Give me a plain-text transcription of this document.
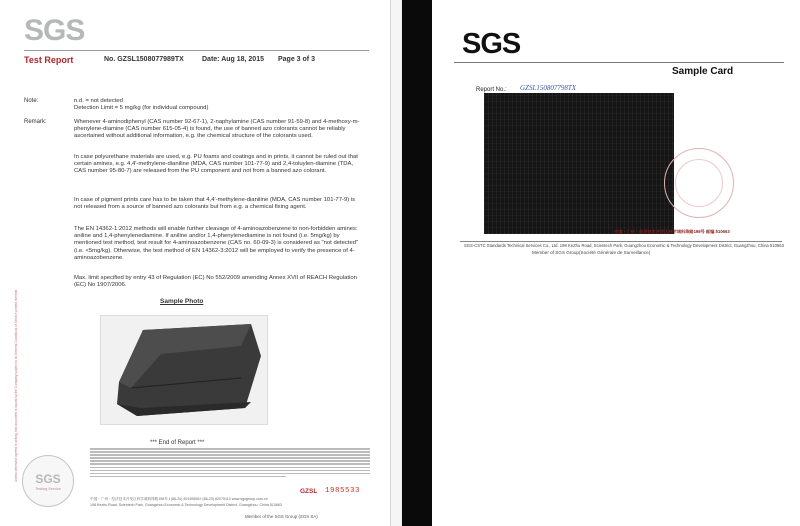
SGS
Test Report	No. GZSL1508077989TX	Date: Aug 18, 2015 Page 3 of 3
Unless otherwise agreed in writing, this document is issued by the Company subject to its General Conditions of Service printed overleaf
Note:	n.d. = not detected

Detection Limit = 5 mg/kg (for individual compound)

Remark:	Whenever 4-aminodiphenyl (CAS number 92-67-1), 2-naphylamine (CAS number 91-59-8) and 4-methoxy-m-phenylene-diamine (CAS number 615-05-4) is found, the use of banned azo colorants cannot be reliably ascertained without additional information, e.g. the chemical structure of the colorants used.
In case polyurethane materials are used, e.g. PU foams and coatings and in prints, it cannot be ruled out that certain amines, e.g. 4,4'-methylene-dianiline (MDA, CAS number 101-77-9) and 2,4-toluylen-diamine (TDA, CAS number 95-80-7) are released from the PU component and not from a banned azo colorant.
In case of pigment prints care has to be taken that 4,4'-methylene-dianiline (MDA, CAS number 101-77-9) is not released from a source of banned azo colorants but from e.g. a chemical fixing agent.
The EN 14362-1:2012 methods will enable further cleavage of 4-aminoazobenzene to non-forbidden amines: aniline and 1,4-phenylenediamine. If aniline and/or 1,4-phenylenediamine is not found (i.e. 5mg/kg) by mentioned test method, test result for 4-aminoazobenzene (CAS no. 60-09-3) is considered as "not detected" (i.e. <5mg/kg). Otherwise, the test method of EN 14362-3:2012 will be employed to verify the presence of 4-aminoazobenzene.
Max. limit specified by entry 43 of Regulation (EC) No 552/2009 amending Annex XVII of REACH Regulation (EC) No 1907/2006.
Sample Photo
*** End of Report ***
SGS
Testing Service	GZSL 1985533
中国・广州・经济技术开发区科学城科珠路198号 t (86-20) 82155555 f (86-20) 82075113 www.sgsgroup.com.cn
198 Kezhu Road, Scientech Park, Guangzhou Economic & Technology Development District, Guangzhou, China 510663
Member of the SGS Group (SGS SA)
SGS
Sample Card
Report No.: GZSL150807798TX
中国・广州・经济技术开发区科学城科珠路198号 邮编:510663
SGS-CSTC Standards Technical Services Co., Ltd. 198 KeZhu Road, Scientech Park, Guangzhou Economic & Technology Development District, Guangzhou, China 510663
Member of SGS Group(Société Générale de Surveillance)
